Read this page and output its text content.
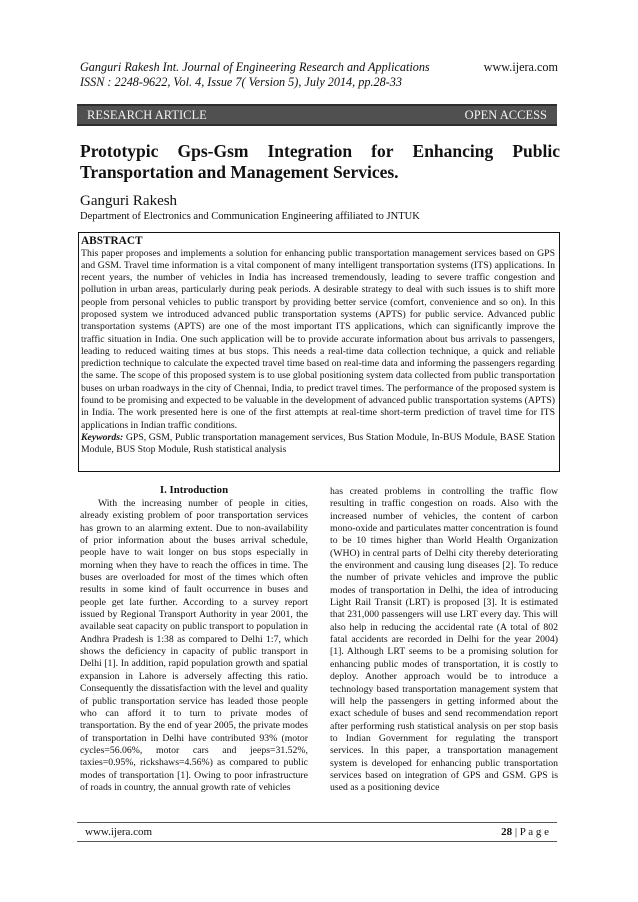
Ganguri Rakesh Int. Journal of Engineering Research and Applications
ISSN : 2248-9622, Vol. 4, Issue 7( Version 5), July 2014, pp.28-33
www.ijera.com
RESEARCH ARTICLE	OPEN ACCESS
Prototypic Gps-Gsm Integration for Enhancing Public
Transportation and Management Services.
Ganguri Rakesh
Department of Electronics and Communication Engineering affiliated to JNTUK
ABSTRACT
This paper proposes and implements a solution for enhancing public transportation management services based on GPS and GSM. Travel time information is a vital component of many intelligent transportation systems (ITS) applications. In recent years, the number of vehicles in India has increased tremendously, leading to severe traffic congestion and pollution in urban areas, particularly during peak periods. A desirable strategy to deal with such issues is to shift more people from personal vehicles to public transport by providing better service (comfort, convenience and so on). In this proposed system we introduced advanced public transportation systems (APTS) for public service. Advanced public transportation systems (APTS) are one of the most important ITS applications, which can significantly improve the traffic situation in India. One such application will be to provide accurate information about bus arrivals to passengers, leading to reduced waiting times at bus stops. This needs a real-time data collection technique, a quick and reliable prediction technique to calculate the expected travel time based on real-time data and informing the passengers regarding the same. The scope of this proposed system is to use global positioning system data collected from public transportation buses on urban roadways in the city of Chennai, India, to predict travel times. The performance of the proposed system is found to be promising and expected to be valuable in the development of advanced public transportation systems (APTS) in India. The work presented here is one of the first attempts at real-time short-term prediction of travel time for ITS applications in Indian traffic conditions.
Keywords: GPS, GSM, Public transportation management services, Bus Station Module, In-BUS Module, BASE Station Module, BUS Stop Module, Rush statistical analysis
I. Introduction
With the increasing number of people in cities, already existing problem of poor transportation services has grown to an alarming extent. Due to non-availability of prior information about the buses arrival schedule, people have to wait longer on bus stops especially in morning when they have to reach the offices in time. The buses are overloaded for most of the times which often results in some kind of fault occurrence in buses and people get late further. According to a survey report issued by Regional Transport Authority in year 2001, the available seat capacity on public transport to population in Andhra Pradesh is 1:38 as compared to Delhi 1:7, which shows the deficiency in capacity of public transport in Delhi [1]. In addition, rapid population growth and spatial expansion in Lahore is adversely affecting this ratio. Consequently the dissatisfaction with the level and quality of public transportation service has leaded those people who can afford it to turn to private modes of transportation. By the end of year 2005, the private modes of transportation in Delhi have contributed 93% (motor cycles=56.06%, motor cars and jeeps=31.52%, taxies=0.95%, rickshaws=4.56%) as compared to public modes of transportation [1]. Owing to poor infrastructure of roads in country, the annual growth rate of vehicles
has created problems in controlling the traffic flow resulting in traffic congestion on roads. Also with the increased number of vehicles, the content of carbon mono-oxide and particulates matter concentration is found to be 10 times higher than World Health Organization (WHO) in central parts of Delhi city thereby deteriorating the environment and causing lung diseases [2]. To reduce the number of private vehicles and improve the public modes of transportation in Delhi, the idea of introducing Light Rail Transit (LRT) is proposed [3]. It is estimated that 231,000 passengers will use LRT every day. This will also help in reducing the accidental rate (A total of 802 fatal accidents are recorded in Delhi for the year 2004) [1]. Although LRT seems to be a promising solution for enhancing public modes of transportation, it is costly to deploy. Another approach would be to introduce a technology based transportation management system that will help the passengers in getting informed about the exact schedule of buses and send recommendation report after performing rush statistical analysis on per stop basis to Indian Government for regulating the transport services. In this paper, a transportation management system is developed for enhancing public transportation services based on integration of GPS and GSM. GPS is used as a positioning device
www.ijera.com	28 | P a g e
